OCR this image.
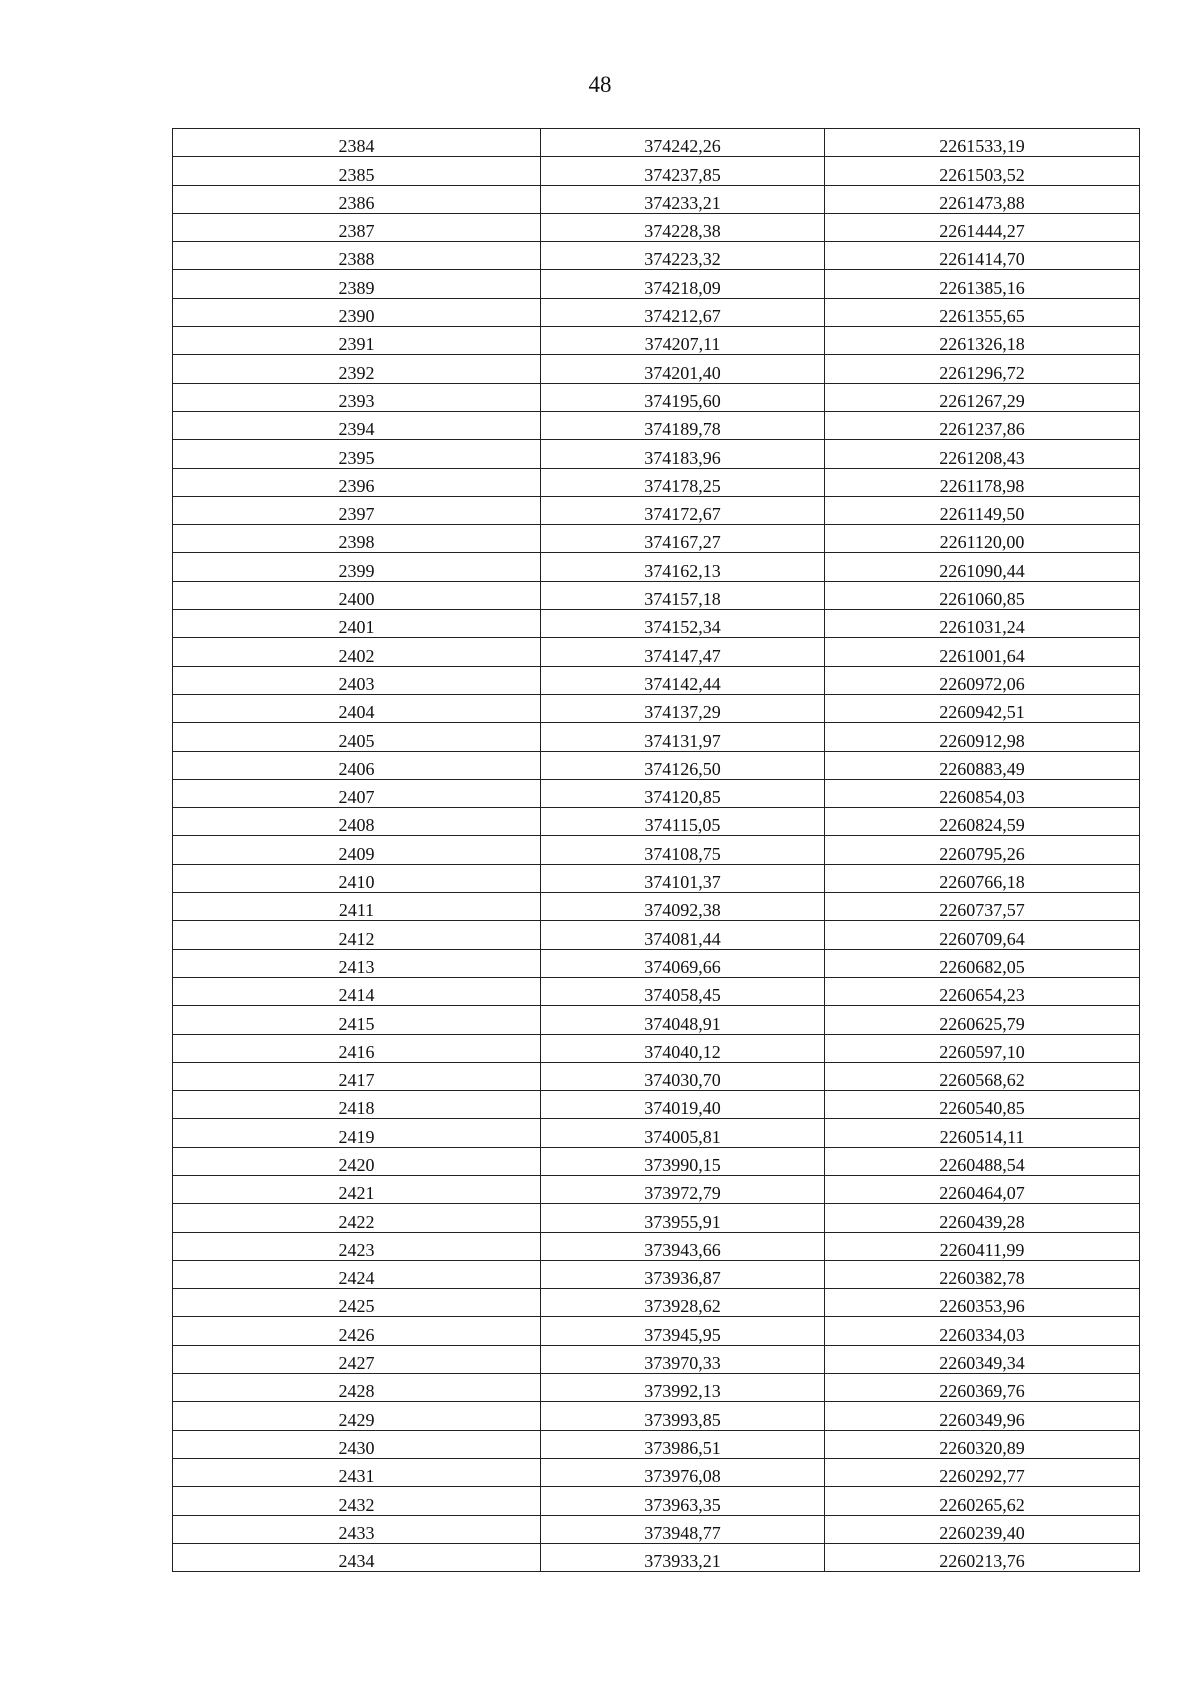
48
2384	374242,26	2261533,19
2385	374237,85	2261503,52
2386	374233,21	2261473,88
2387	374228,38	2261444,27
2388	374223,32	2261414,70
2389	374218,09	2261385,16
2390	374212,67	2261355,65
2391	374207,11	2261326,18
2392	374201,40	2261296,72
2393	374195,60	2261267,29
2394	374189,78	2261237,86
2395	374183,96	2261208,43
2396	374178,25	2261178,98
2397	374172,67	2261149,50
2398	374167,27	2261120,00
2399	374162,13	2261090,44
2400	374157,18	2261060,85
2401	374152,34	2261031,24
2402	374147,47	2261001,64
2403	374142,44	2260972,06
2404	374137,29	2260942,51
2405	374131,97	2260912,98
2406	374126,50	2260883,49
2407	374120,85	2260854,03
2408	374115,05	2260824,59
2409	374108,75	2260795,26
2410	374101,37	2260766,18
2411	374092,38	2260737,57
2412	374081,44	2260709,64
2413	374069,66	2260682,05
2414	374058,45	2260654,23
2415	374048,91	2260625,79
2416	374040,12	2260597,10
2417	374030,70	2260568,62
2418	374019,40	2260540,85
2419	374005,81	2260514,11
2420	373990,15	2260488,54
2421	373972,79	2260464,07
2422	373955,91	2260439,28
2423	373943,66	2260411,99
2424	373936,87	2260382,78
2425	373928,62	2260353,96
2426	373945,95	2260334,03
2427	373970,33	2260349,34
2428	373992,13	2260369,76
2429	373993,85	2260349,96
2430	373986,51	2260320,89
2431	373976,08	2260292,77
2432	373963,35	2260265,62
2433	373948,77	2260239,40
2434	373933,21	2260213,76
